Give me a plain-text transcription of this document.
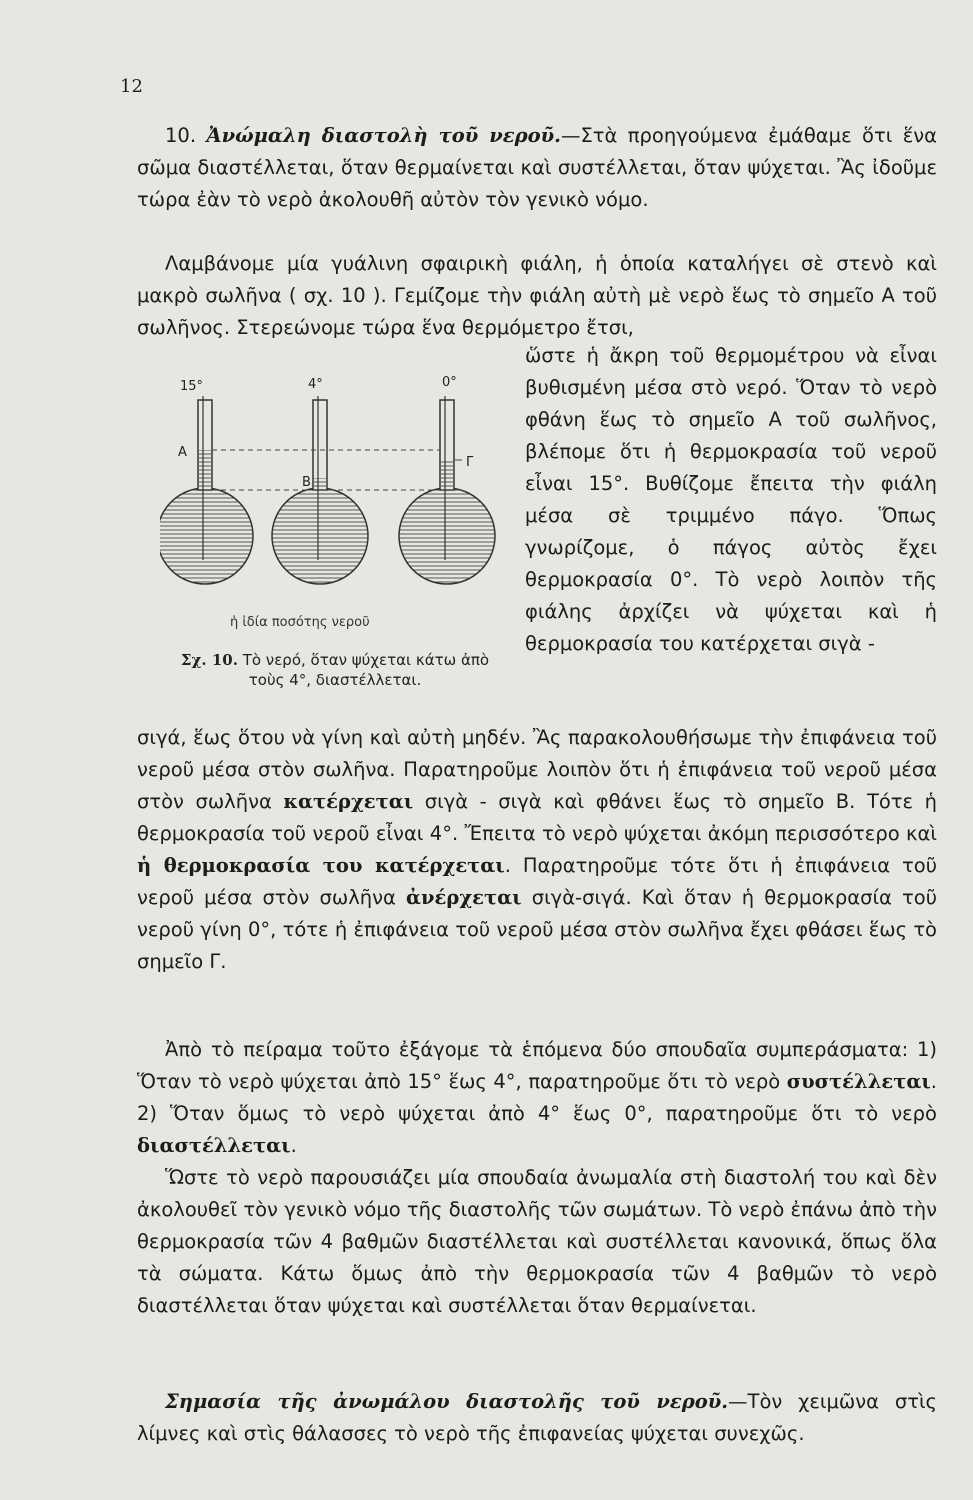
12

10. Ἀνώμαλη διαστολὴ τοῦ νεροῦ.—Στὰ προηγούμενα ἐμάθαμε ὅτι ἕνα σῶμα διαστέλλεται, ὅταν θερμαίνεται καὶ συστέλλεται, ὅταν ψύχεται. Ἂς ἰδοῦμε τώρα ἐὰν τὸ νερὸ ἀκολουθῆ αὐτὸν τὸν γενικὸ νόμο.

Λαμβάνομε μία γυάλινη σφαιρικὴ φιάλη, ἡ ὁποία καταλήγει σὲ στενὸ καὶ μακρὸ σωλῆνα ( σχ. 10 ). Γεμίζομε τὴν φιάλη αὐτὴ μὲ νερὸ ἕως τὸ σημεῖο Α τοῦ σωλῆνος. Στερεώνομε τώρα ἕνα θερμόμετρο ἔτσι,

15°	4°	0°
Α
Β
Γ
ἡ ἰδία ποσότης νεροῦ
Σχ. 10. Τὸ νερό, ὅταν ψύχεται κάτω ἀπὸ τοὺς 4°, διαστέλλεται.

ὥστε ἡ ἄκρη τοῦ θερμομέτρου νὰ εἶναι βυθισμένη μέσα στὸ νερό. Ὅταν τὸ νερὸ φθάνη ἕως τὸ σημεῖο Α τοῦ σωλῆνος, βλέπομε ὅτι ἡ θερμοκρασία τοῦ νεροῦ εἶναι 15°. Βυθίζομε ἔπειτα τὴν φιάλη μέσα σὲ τριμμένο πάγο. Ὅπως γνωρίζομε, ὁ πάγος αὐτὸς ἔχει θερμοκρασία 0°. Τὸ νερὸ λοιπὸν τῆς φιάλης ἀρχίζει νὰ ψύχεται καὶ ἡ θερμοκρασία του κατέρχεται σιγὰ -

σιγά, ἕως ὅτου νὰ γίνη καὶ αὐτὴ μηδέν. Ἂς παρακολουθήσωμε τὴν ἐπιφάνεια τοῦ νεροῦ μέσα στὸν σωλῆνα. Παρατηροῦμε λοιπὸν ὅτι ἡ ἐπιφάνεια τοῦ νεροῦ μέσα στὸν σωλῆνα κατέρχεται σιγὰ - σιγὰ καὶ φθάνει ἕως τὸ σημεῖο Β. Τότε ἡ θερμοκρασία τοῦ νεροῦ εἶναι 4°. Ἔπειτα τὸ νερὸ ψύχεται ἀκόμη περισσότερο καὶ ἡ θερμοκρασία του κατέρχεται. Παρατηροῦμε τότε ὅτι ἡ ἐπιφάνεια τοῦ νεροῦ μέσα στὸν σωλῆνα ἀνέρχεται σιγὰ-σιγά. Καὶ ὅταν ἡ θερμοκρασία τοῦ νεροῦ γίνη 0°, τότε ἡ ἐπιφάνεια τοῦ νεροῦ μέσα στὸν σωλῆνα ἔχει φθάσει ἕως τὸ σημεῖο Γ.

Ἀπὸ τὸ πείραμα τοῦτο ἐξάγομε τὰ ἑπόμενα δύο σπουδαῖα συμπεράσματα: 1) Ὅταν τὸ νερὸ ψύχεται ἀπὸ 15° ἕως 4°, παρατηροῦμε ὅτι τὸ νερὸ συστέλλεται. 2) Ὅταν ὅμως τὸ νερὸ ψύχεται ἀπὸ 4° ἕως 0°, παρατηροῦμε ὅτι τὸ νερὸ διαστέλλεται.

Ὥστε τὸ νερὸ παρουσιάζει μία σπουδαία ἀνωμαλία στὴ διαστολή του καὶ δὲν ἀκολουθεῖ τὸν γενικὸ νόμο τῆς διαστολῆς τῶν σωμάτων. Τὸ νερὸ ἐπάνω ἀπὸ τὴν θερμοκρασία τῶν 4 βαθμῶν διαστέλλεται καὶ συστέλλεται κανονικά, ὅπως ὅλα τὰ σώματα. Κάτω ὅμως ἀπὸ τὴν θερμοκρασία τῶν 4 βαθμῶν τὸ νερὸ διαστέλλεται ὅταν ψύχεται καὶ συστέλλεται ὅταν θερμαίνεται.

Σημασία τῆς ἀνωμάλου διαστολῆς τοῦ νεροῦ.—Τὸν χειμῶνα στὶς λίμνες καὶ στὶς θάλασσες τὸ νερὸ τῆς ἐπιφανείας ψύχεται συνεχῶς.
